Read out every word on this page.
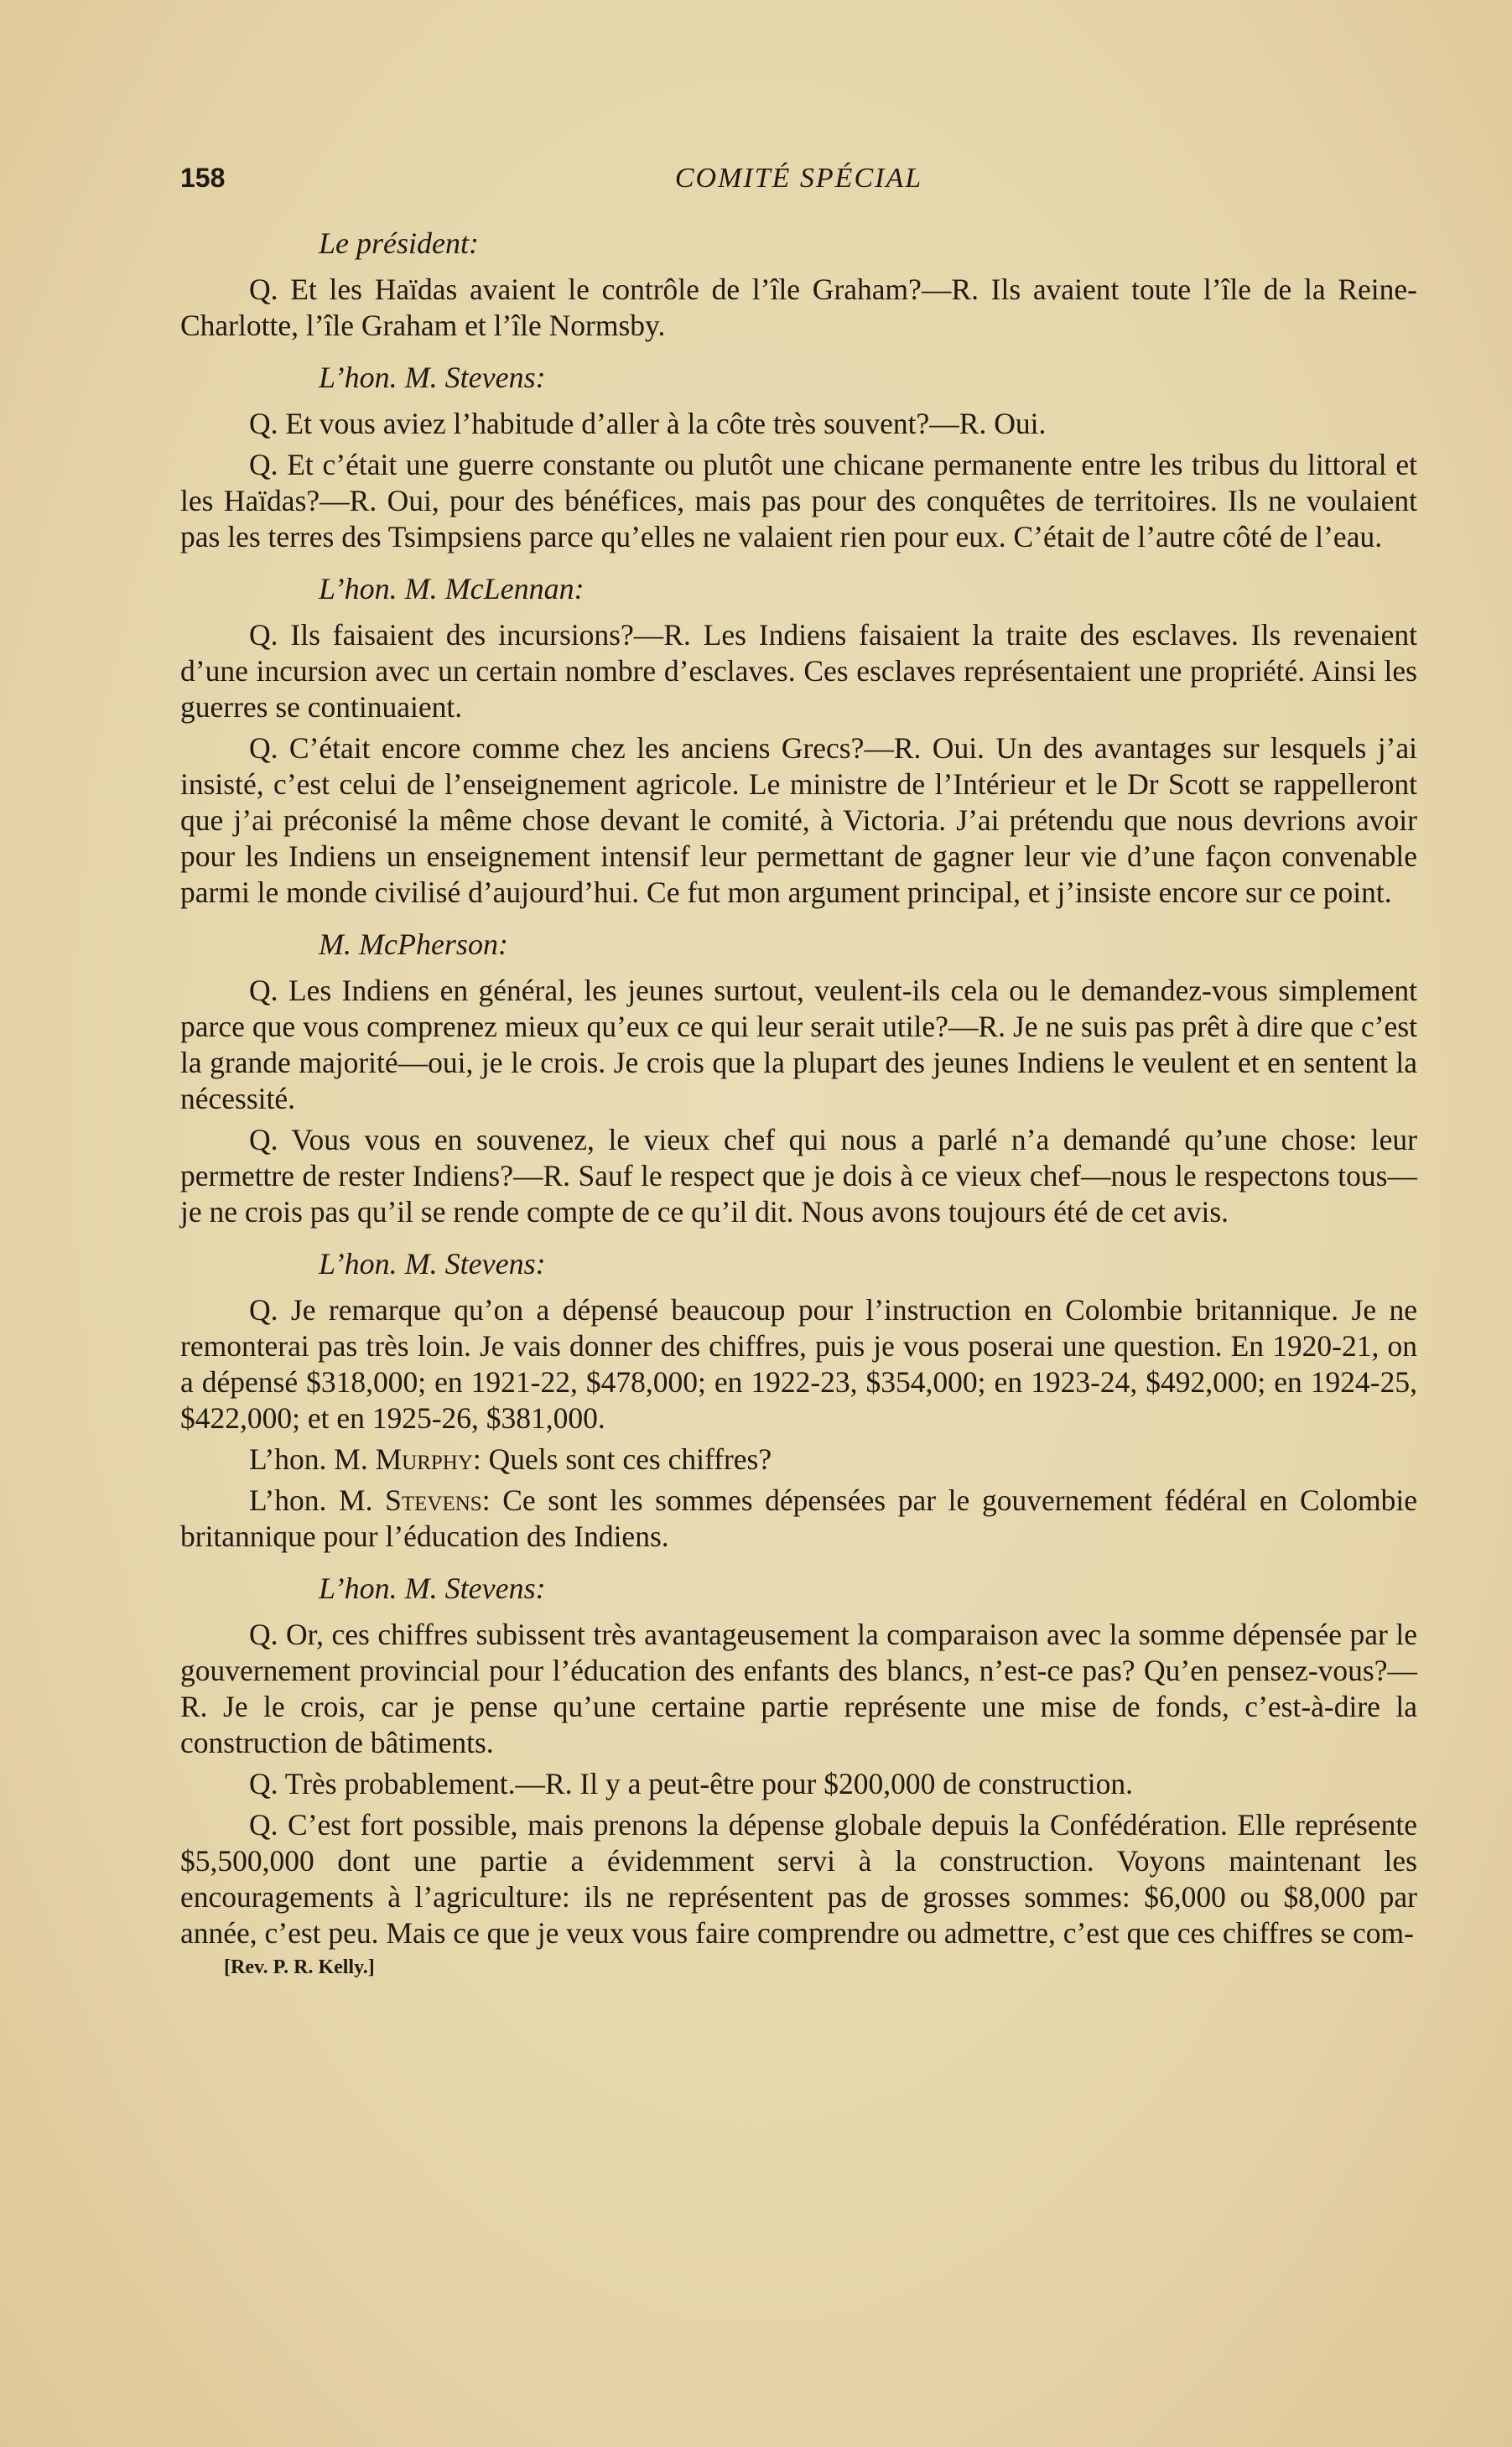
158	COMITÉ SPÉCIAL
Le président:

Q. Et les Haïdas avaient le contrôle de l’île Graham?—R. Ils avaient toute l’île de la Reine-Charlotte, l’île Graham et l’île Normsby.

L’hon. M. Stevens:

Q. Et vous aviez l’habitude d’aller à la côte très souvent?—R. Oui.

Q. Et c’était une guerre constante ou plutôt une chicane permanente entre les tribus du littoral et les Haïdas?—R. Oui, pour des bénéfices, mais pas pour des conquêtes de territoires. Ils ne voulaient pas les terres des Tsimpsiens parce qu’elles ne valaient rien pour eux. C’était de l’autre côté de l’eau.

L’hon. M. McLennan:

Q. Ils faisaient des incursions?—R. Les Indiens faisaient la traite des esclaves. Ils revenaient d’une incursion avec un certain nombre d’esclaves. Ces esclaves représentaient une propriété. Ainsi les guerres se continuaient.

Q. C’était encore comme chez les anciens Grecs?—R. Oui. Un des avantages sur lesquels j’ai insisté, c’est celui de l’enseignement agricole. Le ministre de l’Intérieur et le Dr Scott se rappelleront que j’ai préconisé la même chose devant le comité, à Victoria. J’ai prétendu que nous devrions avoir pour les Indiens un enseignement intensif leur permettant de gagner leur vie d’une façon convenable parmi le monde civilisé d’aujourd’hui. Ce fut mon argument principal, et j’insiste encore sur ce point.

M. McPherson:

Q. Les Indiens en général, les jeunes surtout, veulent-ils cela ou le demandez-vous simplement parce que vous comprenez mieux qu’eux ce qui leur serait utile?—R. Je ne suis pas prêt à dire que c’est la grande majorité—oui, je le crois. Je crois que la plupart des jeunes Indiens le veulent et en sentent la nécessité.

Q. Vous vous en souvenez, le vieux chef qui nous a parlé n’a demandé qu’une chose: leur permettre de rester Indiens?—R. Sauf le respect que je dois à ce vieux chef—nous le respectons tous—je ne crois pas qu’il se rende compte de ce qu’il dit. Nous avons toujours été de cet avis.

L’hon. M. Stevens:

Q. Je remarque qu’on a dépensé beaucoup pour l’instruction en Colombie britannique. Je ne remonterai pas très loin. Je vais donner des chiffres, puis je vous poserai une question. En 1920-21, on a dépensé $318,000; en 1921-22, $478,000; en 1922-23, $354,000; en 1923-24, $492,000; en 1924-25, $422,000; et en 1925-26, $381,000.

L’hon. M. Murphy: Quels sont ces chiffres?

L’hon. M. Stevens: Ce sont les sommes dépensées par le gouvernement fédéral en Colombie britannique pour l’éducation des Indiens.

L’hon. M. Stevens:

Q. Or, ces chiffres subissent très avantageusement la comparaison avec la somme dépensée par le gouvernement provincial pour l’éducation des enfants des blancs, n’est-ce pas? Qu’en pensez-vous?—R. Je le crois, car je pense qu’une certaine partie représente une mise de fonds, c’est-à-dire la construction de bâtiments.

Q. Très probablement.—R. Il y a peut-être pour $200,000 de construction.

Q. C’est fort possible, mais prenons la dépense globale depuis la Confédération. Elle représente $5,500,000 dont une partie a évidemment servi à la construction. Voyons maintenant les encouragements à l’agriculture: ils ne représentent pas de grosses sommes: $6,000 ou $8,000 par année, c’est peu. Mais ce que je veux vous faire comprendre ou admettre, c’est que ces chiffres se com-

[Rev. P. R. Kelly.]
